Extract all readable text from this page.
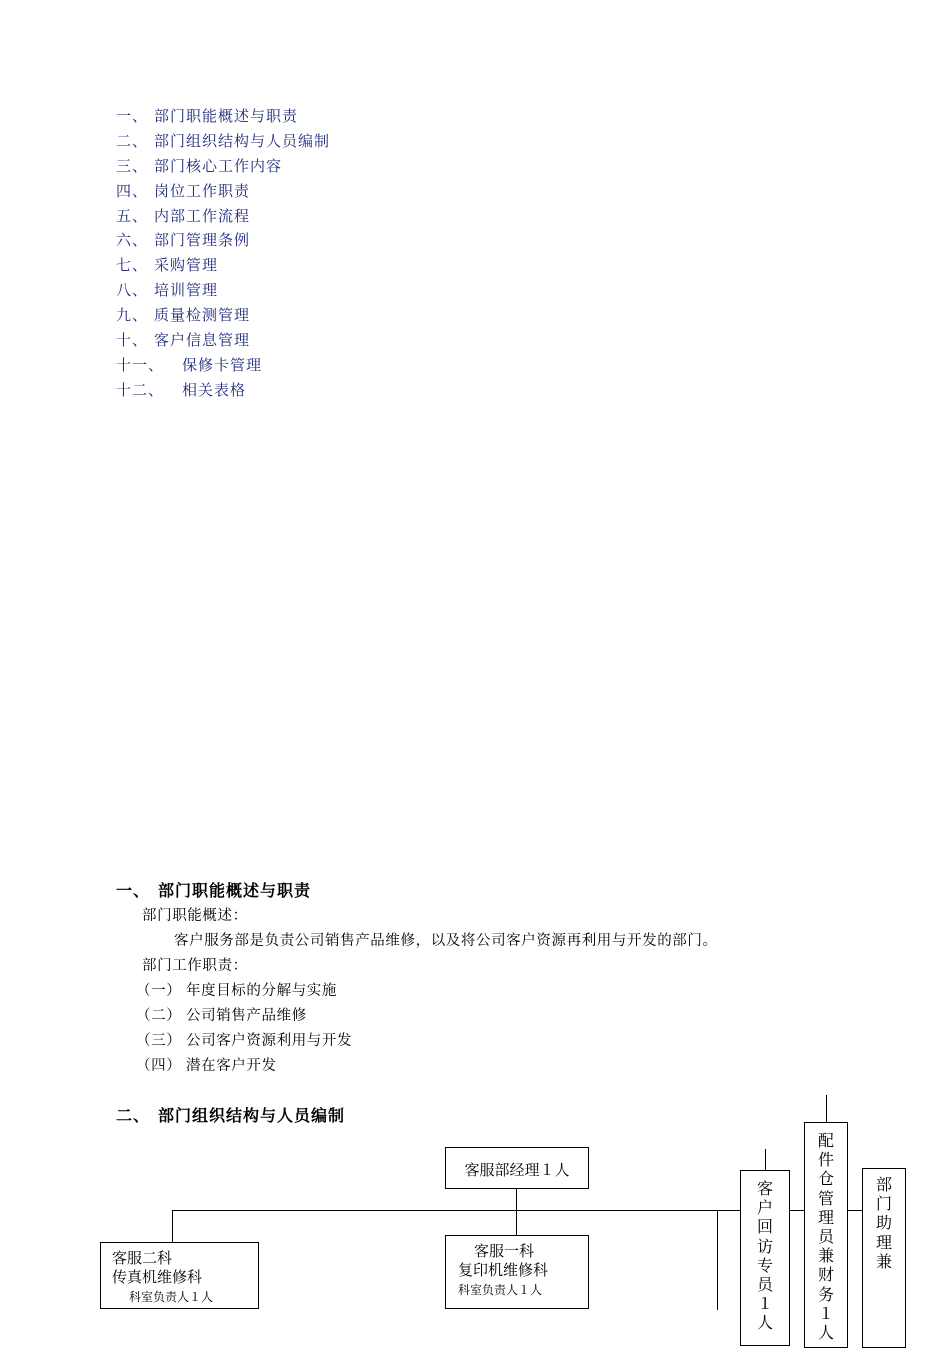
一、 部门职能概述与职责
二、 部门组织结构与人员编制
三、 部门核心工作内容
四、 岗位工作职责
五、 内部工作流程
六、 部门管理条例
七、 采购管理
八、 培训管理
九、 质量检测管理
十、 客户信息管理
十一、 保修卡管理
十二、 相关表格
一、 部门职能概述与职责
部门职能概述：
客户服务部是负责公司销售产品维修，以及将公司客户资源再利用与开发的部门。
部门工作职责：
（一） 年度目标的分解与实施
（二） 公司销售产品维修
（三） 公司客户资源利用与开发
（四） 潜在客户开发
二、 部门组织结构与人员编制
客服部经理１人
客服二科
传真机维修科
科室负责人１人
客服一科
复印机维修科
科室负责人１人
客户回访专员１人
配件仓管理员兼财务１人
部门助理兼
